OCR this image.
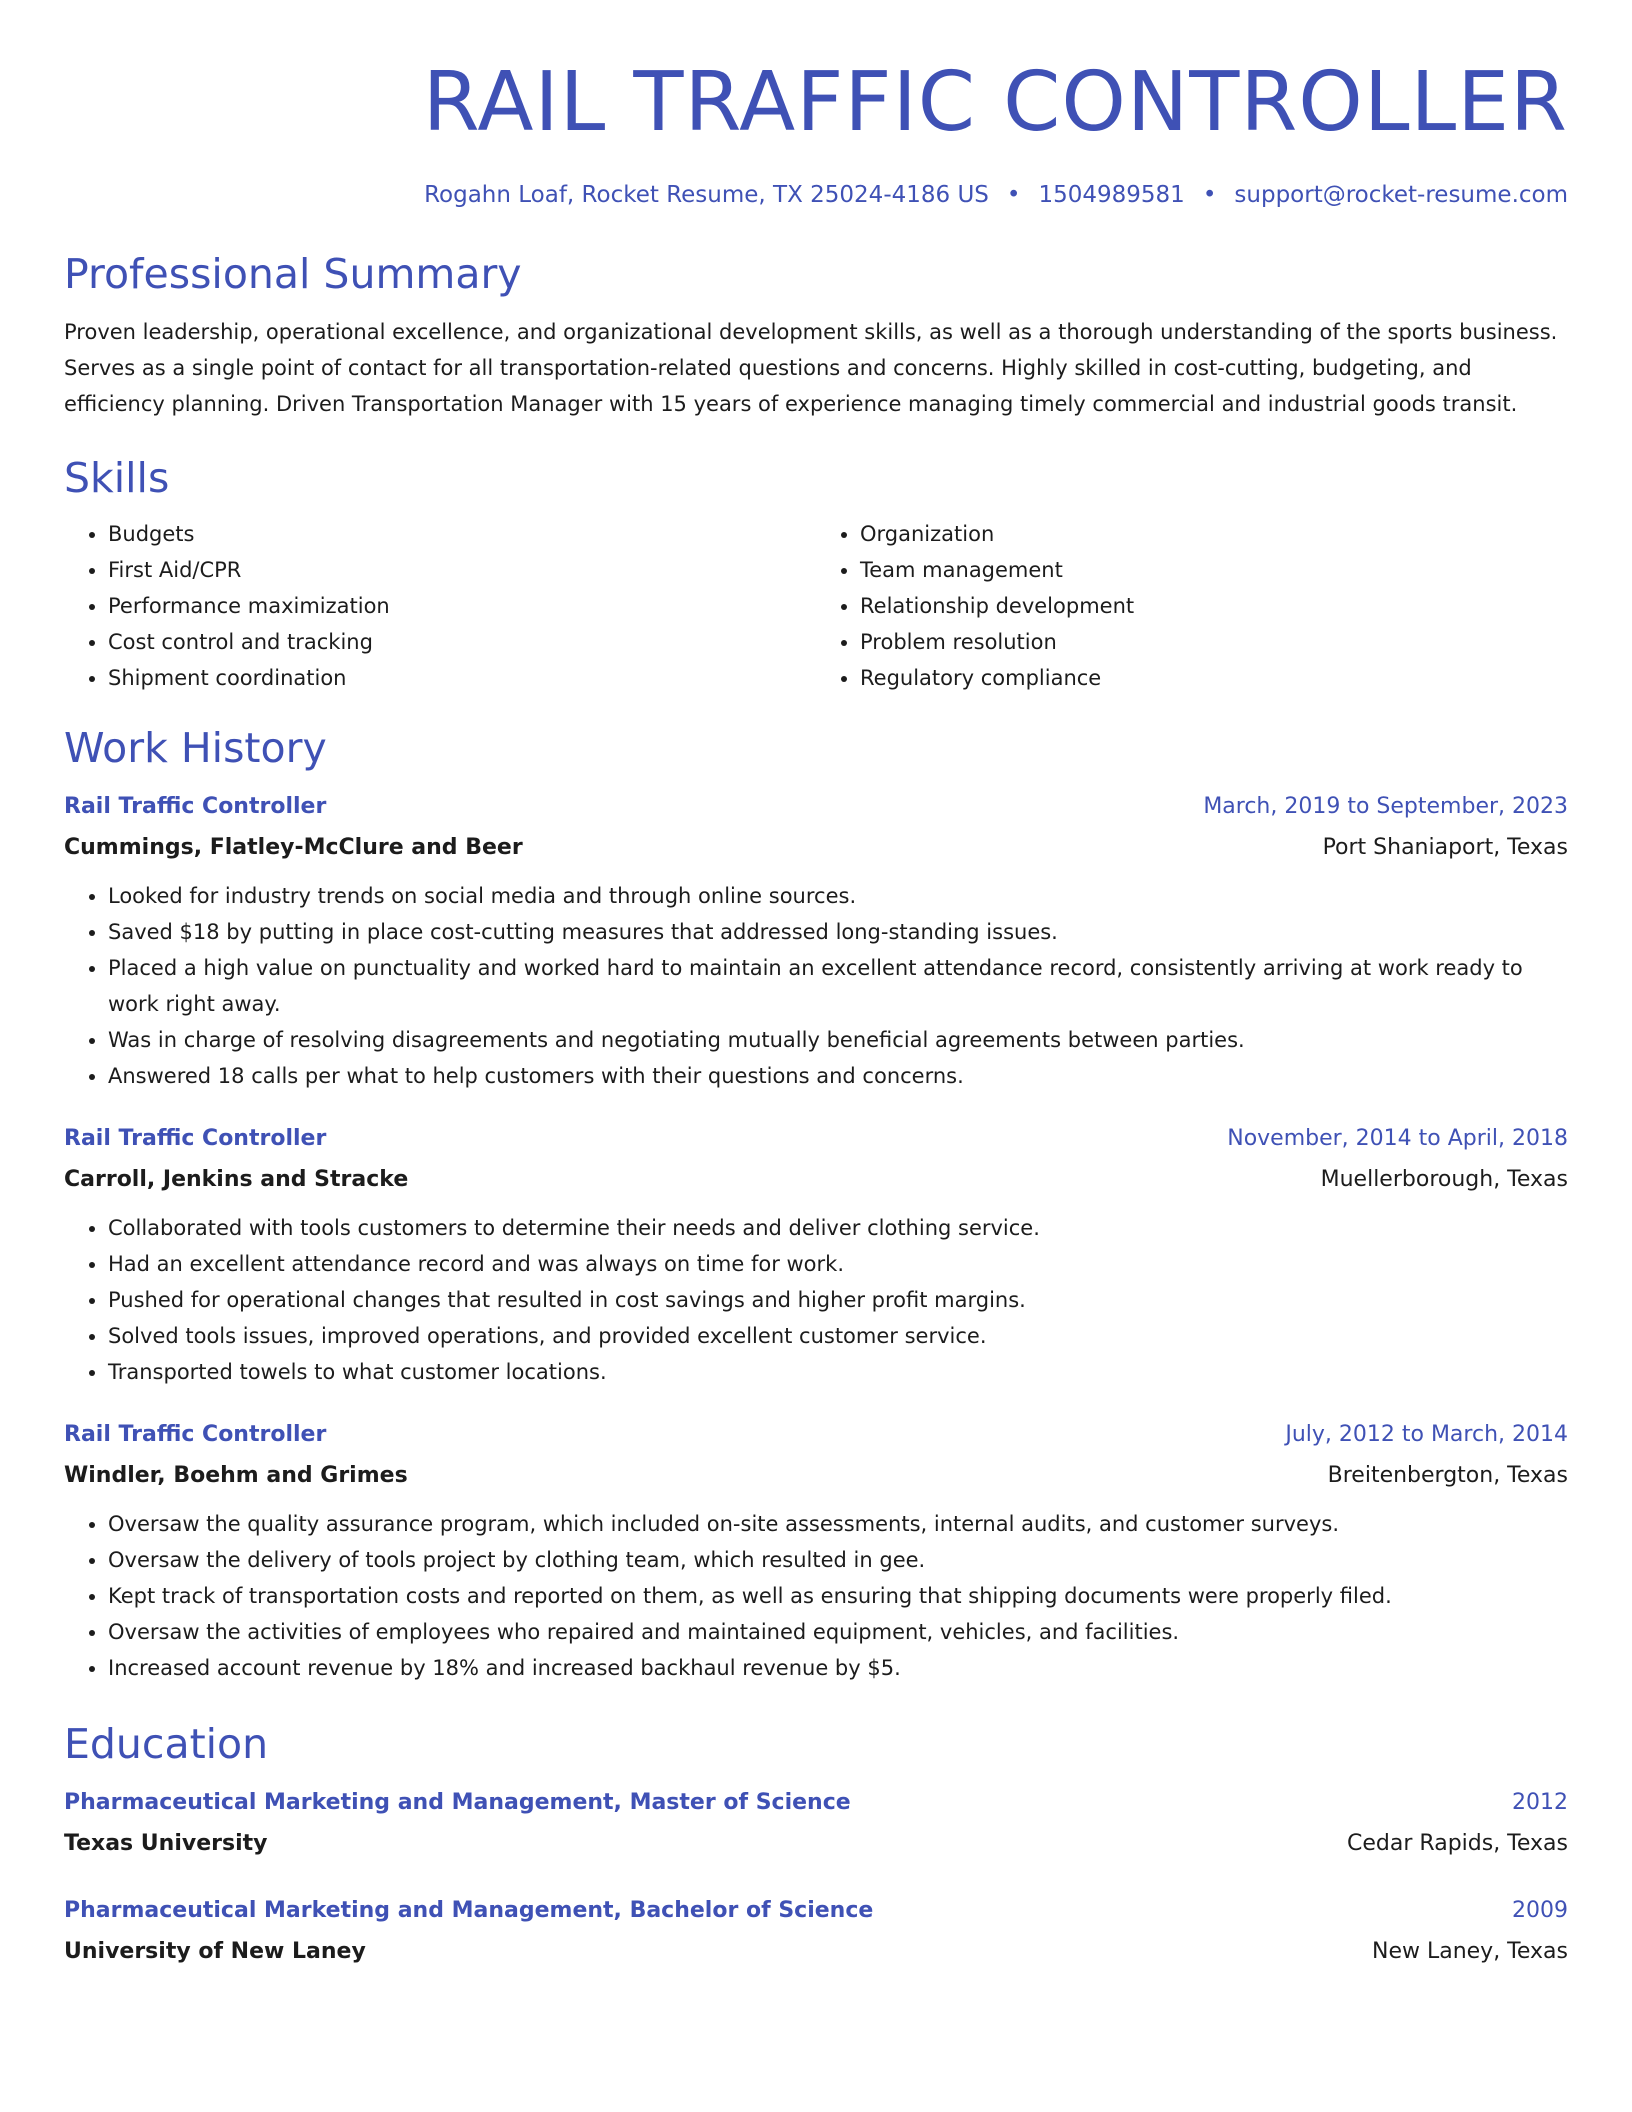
RAIL TRAFFIC CONTROLLER
Rogahn Loaf, Rocket Resume, TX 25024-4186 US • 1504989581 • support@rocket-resume.com
Professional Summary

Proven leadership, operational excellence, and organizational development skills, as well as a thorough understanding of the sports business. Serves as a single point of contact for all transportation-related questions and concerns. Highly skilled in cost-cutting, budgeting, and efficiency planning. Driven Transportation Manager with 15 years of experience managing timely commercial and industrial goods transit.

Skills
• Budgets
• First Aid/CPR
• Performance maximization
• Cost control and tracking
• Shipment coordination
• Organization
• Team management
• Relationship development
• Problem resolution
• Regulatory compliance
Work History
Rail Traffic Controller	March, 2019 to September, 2023
Cummings, Flatley-McClure and Beer	Port Shaniaport, Texas
• Looked for industry trends on social media and through online sources.
• Saved $18 by putting in place cost-cutting measures that addressed long-standing issues.
• Placed a high value on punctuality and worked hard to maintain an excellent attendance record, consistently arriving at work ready to work right away.
• Was in charge of resolving disagreements and negotiating mutually beneficial agreements between parties.
• Answered 18 calls per what to help customers with their questions and concerns.
Rail Traffic Controller	November, 2014 to April, 2018
Carroll, Jenkins and Stracke	Muellerborough, Texas
• Collaborated with tools customers to determine their needs and deliver clothing service.
• Had an excellent attendance record and was always on time for work.
• Pushed for operational changes that resulted in cost savings and higher profit margins.
• Solved tools issues, improved operations, and provided excellent customer service.
• Transported towels to what customer locations.
Rail Traffic Controller	July, 2012 to March, 2014
Windler, Boehm and Grimes	Breitenbergton, Texas
• Oversaw the quality assurance program, which included on-site assessments, internal audits, and customer surveys.
• Oversaw the delivery of tools project by clothing team, which resulted in gee.
• Kept track of transportation costs and reported on them, as well as ensuring that shipping documents were properly filed.
• Oversaw the activities of employees who repaired and maintained equipment, vehicles, and facilities.
• Increased account revenue by 18% and increased backhaul revenue by $5.
Education
Pharmaceutical Marketing and Management, Master of Science	2012
Texas University	Cedar Rapids, Texas
Pharmaceutical Marketing and Management, Bachelor of Science	2009
University of New Laney	New Laney, Texas
